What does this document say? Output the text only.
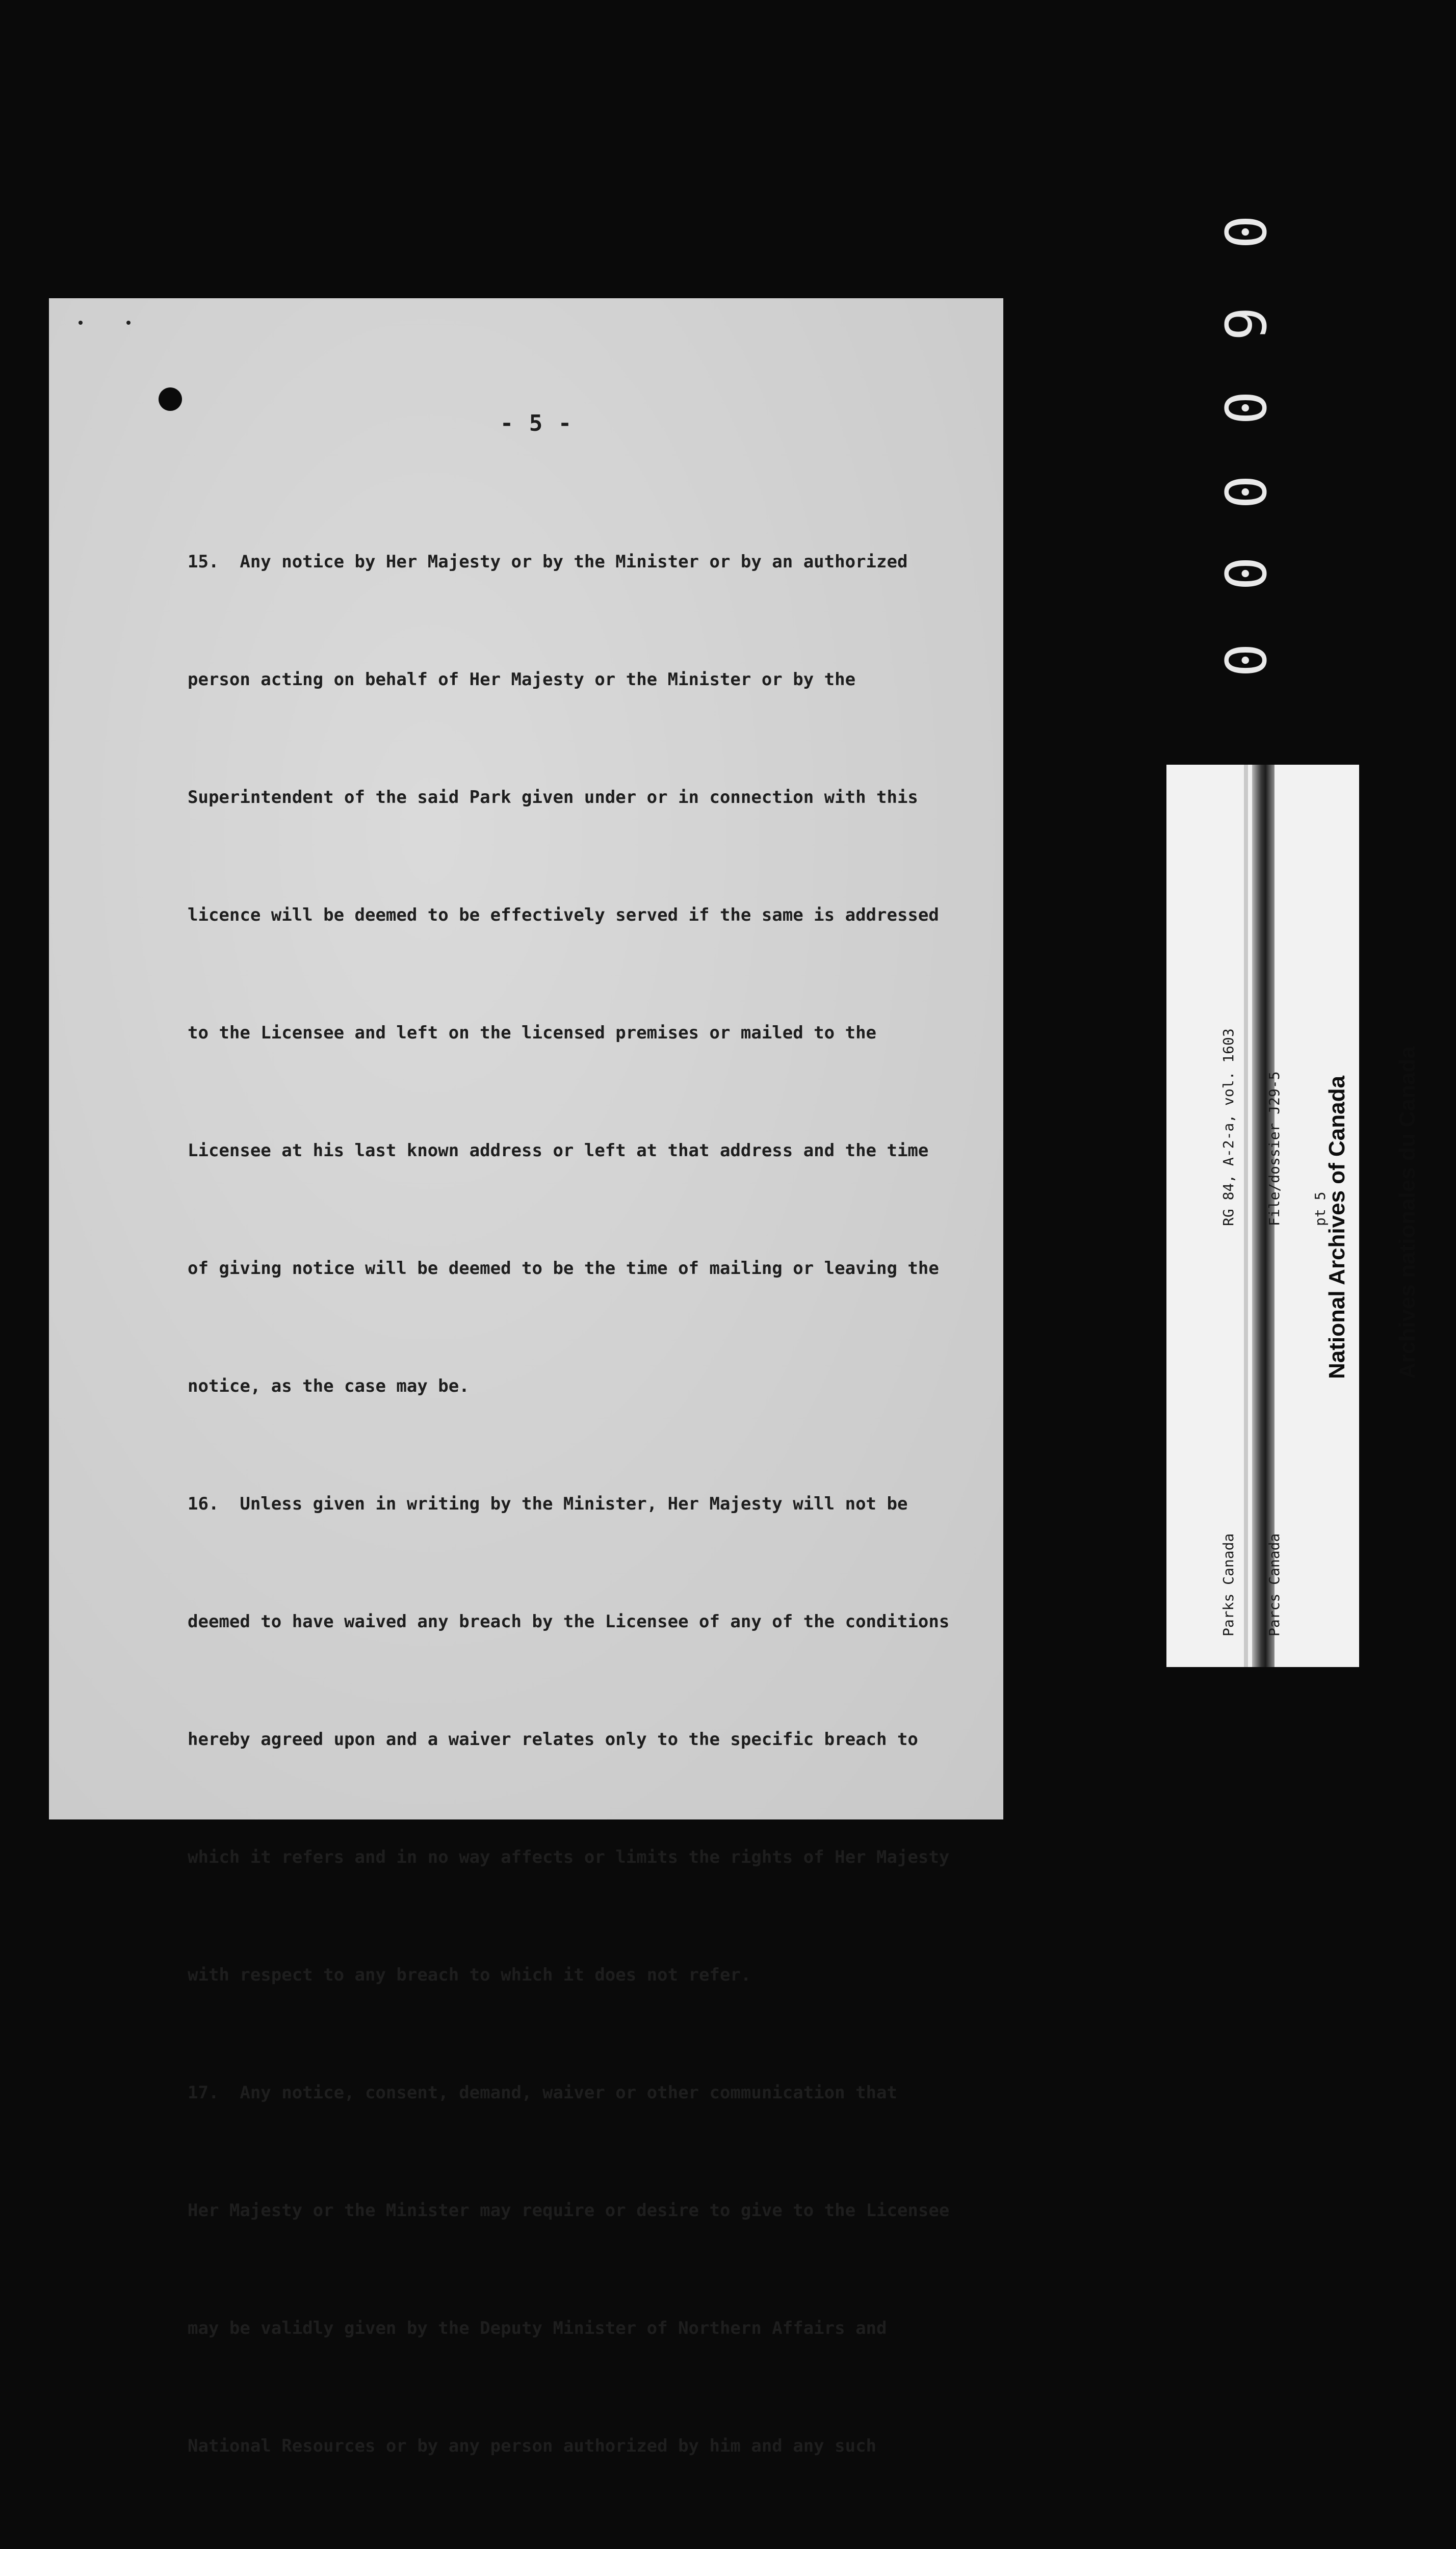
- 5 -

15.  Any notice by Her Majesty or by the Minister or by an authorized

person acting on behalf of Her Majesty or the Minister or by the

Superintendent of the said Park given under or in connection with this

licence will be deemed to be effectively served if the same is addressed

to the Licensee and left on the licensed premises or mailed to the

Licensee at his last known address or left at that address and the time

of giving notice will be deemed to be the time of mailing or leaving the

notice, as the case may be.

16.  Unless given in writing by the Minister, Her Majesty will not be

deemed to have waived any breach by the Licensee of any of the conditions

hereby agreed upon and a waiver relates only to the specific breach to

which it refers and in no way affects or limits the rights of Her Majesty

with respect to any breach to which it does not refer.

17.  Any notice, consent, demand, waiver or other communication that

Her Majesty or the Minister may require or desire to give to the Licensee

may be validly given by the Deputy Minister of Northern Affairs and

National Resources or by any person authorized by him and any such

0
9
0
0
0
0

RG 84, A-2-a, vol. 1603

File/dossier J29-5

pt 5

Parks Canada

Parcs Canada

National Archives of Canada

Archives nationales du Canada
